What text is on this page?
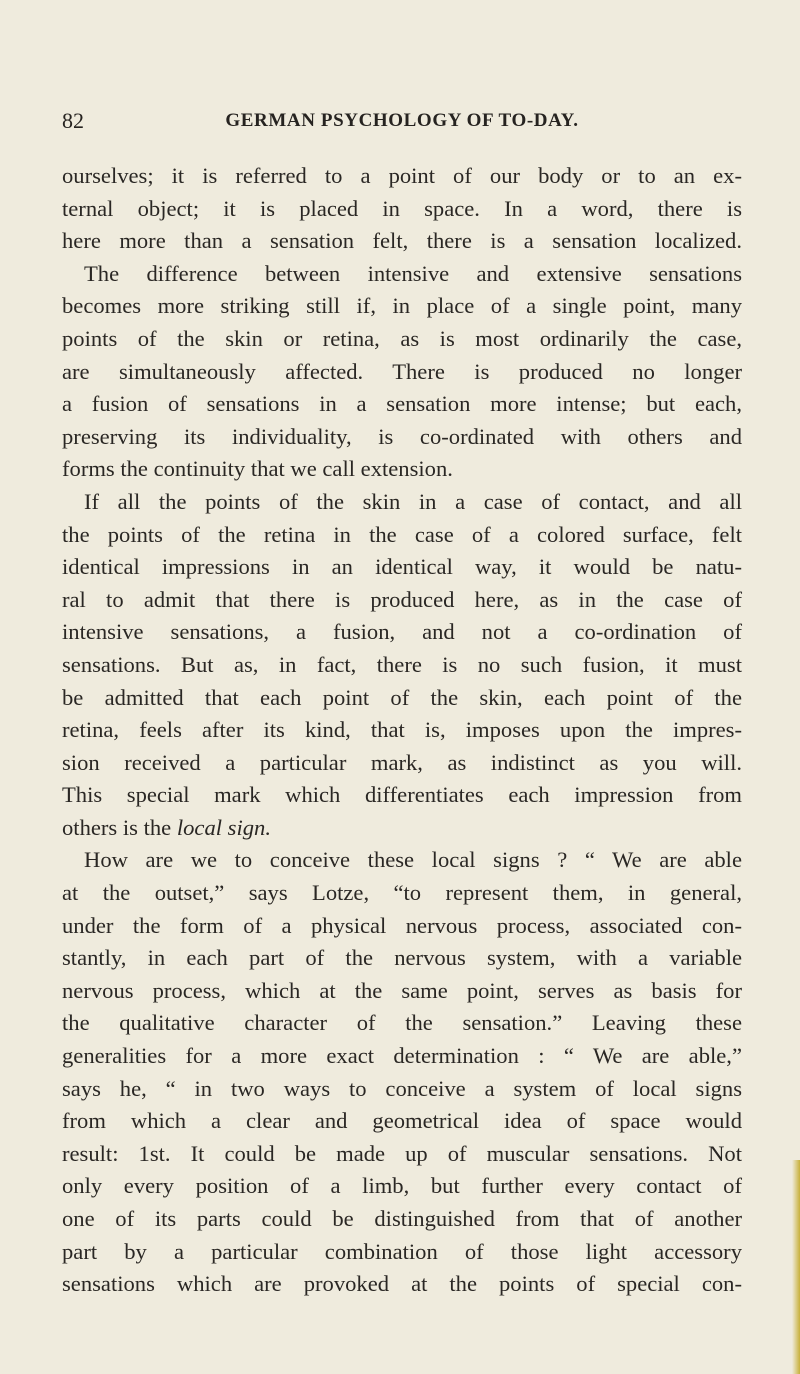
82	GERMAN PSYCHOLOGY OF TO-DAY.
ourselves; it is referred to a point of our body or to an ex-
ternal object; it is placed in space. In a word, there is
here more than a sensation felt, there is a sensation localized.
The difference between intensive and extensive sensations
becomes more striking still if, in place of a single point, many
points of the skin or retina, as is most ordinarily the case,
are simultaneously affected. There is produced no longer
a fusion of sensations in a sensation more intense; but each,
preserving its individuality, is co-ordinated with others and
forms the continuity that we call extension.
If all the points of the skin in a case of contact, and all
the points of the retina in the case of a colored surface, felt
identical impressions in an identical way, it would be natu-
ral to admit that there is produced here, as in the case of
intensive sensations, a fusion, and not a co-ordination of
sensations. But as, in fact, there is no such fusion, it must
be admitted that each point of the skin, each point of the
retina, feels after its kind, that is, imposes upon the impres-
sion received a particular mark, as indistinct as you will.
This special mark which differentiates each impression from
others is the local sign.
How are we to conceive these local signs ? “ We are able
at the outset,” says Lotze, “to represent them, in general,
under the form of a physical nervous process, associated con-
stantly, in each part of the nervous system, with a variable
nervous process, which at the same point, serves as basis for
the qualitative character of the sensation.” Leaving these
generalities for a more exact determination : “ We are able,”
says he, “ in two ways to conceive a system of local signs
from which a clear and geometrical idea of space would
result: 1st. It could be made up of muscular sensations. Not
only every position of a limb, but further every contact of
one of its parts could be distinguished from that of another
part by a particular combination of those light accessory
sensations which are provoked at the points of special con-
